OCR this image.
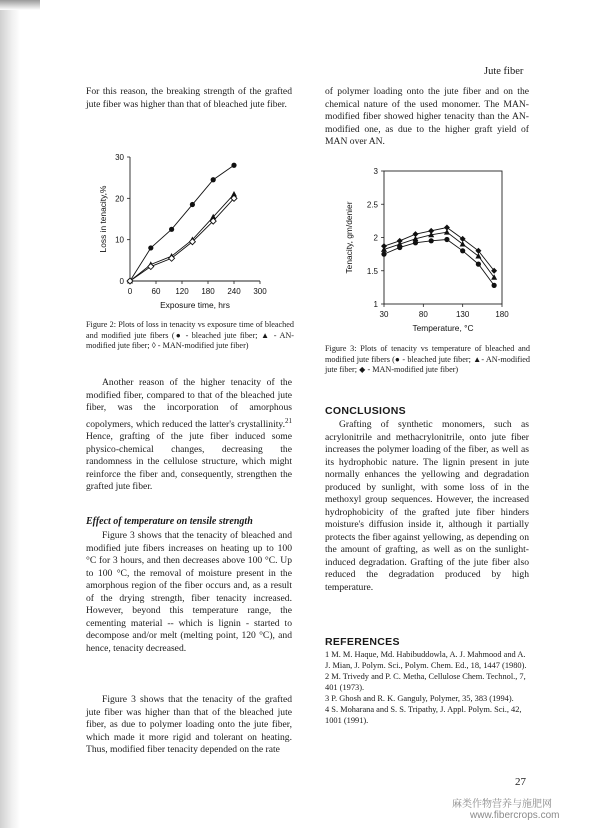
Jute fiber

For this reason, the breaking strength of the grafted jute fiber was higher than that of bleached jute fiber.

0 60 120 180 240 300
0
10
20
30
Exposure time, hrs
Loss in tenacity,%

Figure 2: Plots of loss in tenacity vs exposure time of bleached and modified jute fibers (● - bleached jute fiber; ▲ - AN-modified jute fiber; ◊ - MAN-modified jute fiber)

Another reason of the higher tenacity of the modified fiber, compared to that of the bleached jute fiber, was the incorporation of amorphous copolymers, which reduced the latter's crystallinity.$^{21}$ Hence, grafting of the jute fiber induced some physico-chemical changes, decreasing the randomness in the cellulose structure, which might reinforce the fiber and, consequently, strengthen the grafted jute fiber.

Effect of temperature on tensile strength

Figure 3 shows that the tenacity of bleached and modified jute fibers increases on heating up to 100 °C for 3 hours, and then decreases above 100 °C. Up to 100 °C, the removal of moisture present in the amorphous region of the fiber occurs and, as a result of the drying strength, fiber tenacity increased. However, beyond this temperature range, the cementing material -- which is lignin - started to decompose and/or melt (melting point, 120 °C), and hence, tenacity decreased.

Figure 3 shows that the tenacity of the grafted jute fiber was higher than that of the bleached jute fiber, as due to polymer loading onto the jute fiber, which made it more rigid and tolerant on heating. Thus, modified fiber tenacity depended on the rate

of polymer loading onto the jute fiber and on the chemical nature of the used monomer. The MAN-modified fiber showed higher tenacity than the AN-modified one, as due to the higher graft yield of MAN over AN.

30	80	130	180
1
1.5
2
2.5
3
Temperature, °C
Tenacity, gm/denier

Figure 3: Plots of tenacity vs temperature of bleached and modified jute fibers (● - bleached jute fiber; ▲- AN-modified jute fiber; ◆ - MAN-modified jute fiber)

CONCLUSIONS

Grafting of synthetic monomers, such as acrylonitrile and methacrylonitrile, onto jute fiber increases the polymer loading of the fiber, as well as its hydrophobic nature. The lignin present in jute normally enhances the yellowing and degradation produced by sunlight, with some loss of in the methoxyl group sequences. However, the increased hydrophobicity of the grafted jute fiber hinders moisture's diffusion inside it, although it partially protects the fiber against yellowing, as depending on the amount of grafting, as well as on the sunlight-induced degradation. Grafting of the jute fiber also reduced the degradation produced by high temperature.

REFERENCES

1 M. M. Haque, Md. Habibuddowla, A. J. Mahmood and A. J. Mian, J. Polym. Sci., Polym. Chem. Ed., 18, 1447 (1980).

2 M. Trivedy and P. C. Metha, Cellulose Chem. Technol., 7, 401 (1973).

3 P. Ghosh and R. K. Ganguly, Polymer, 35, 383 (1994).

4 S. Moharana and S. S. Tripathy, J. Appl. Polym. Sci., 42, 1001 (1991).

27
麻类作物营养与施肥网
www.fibercrops.com
